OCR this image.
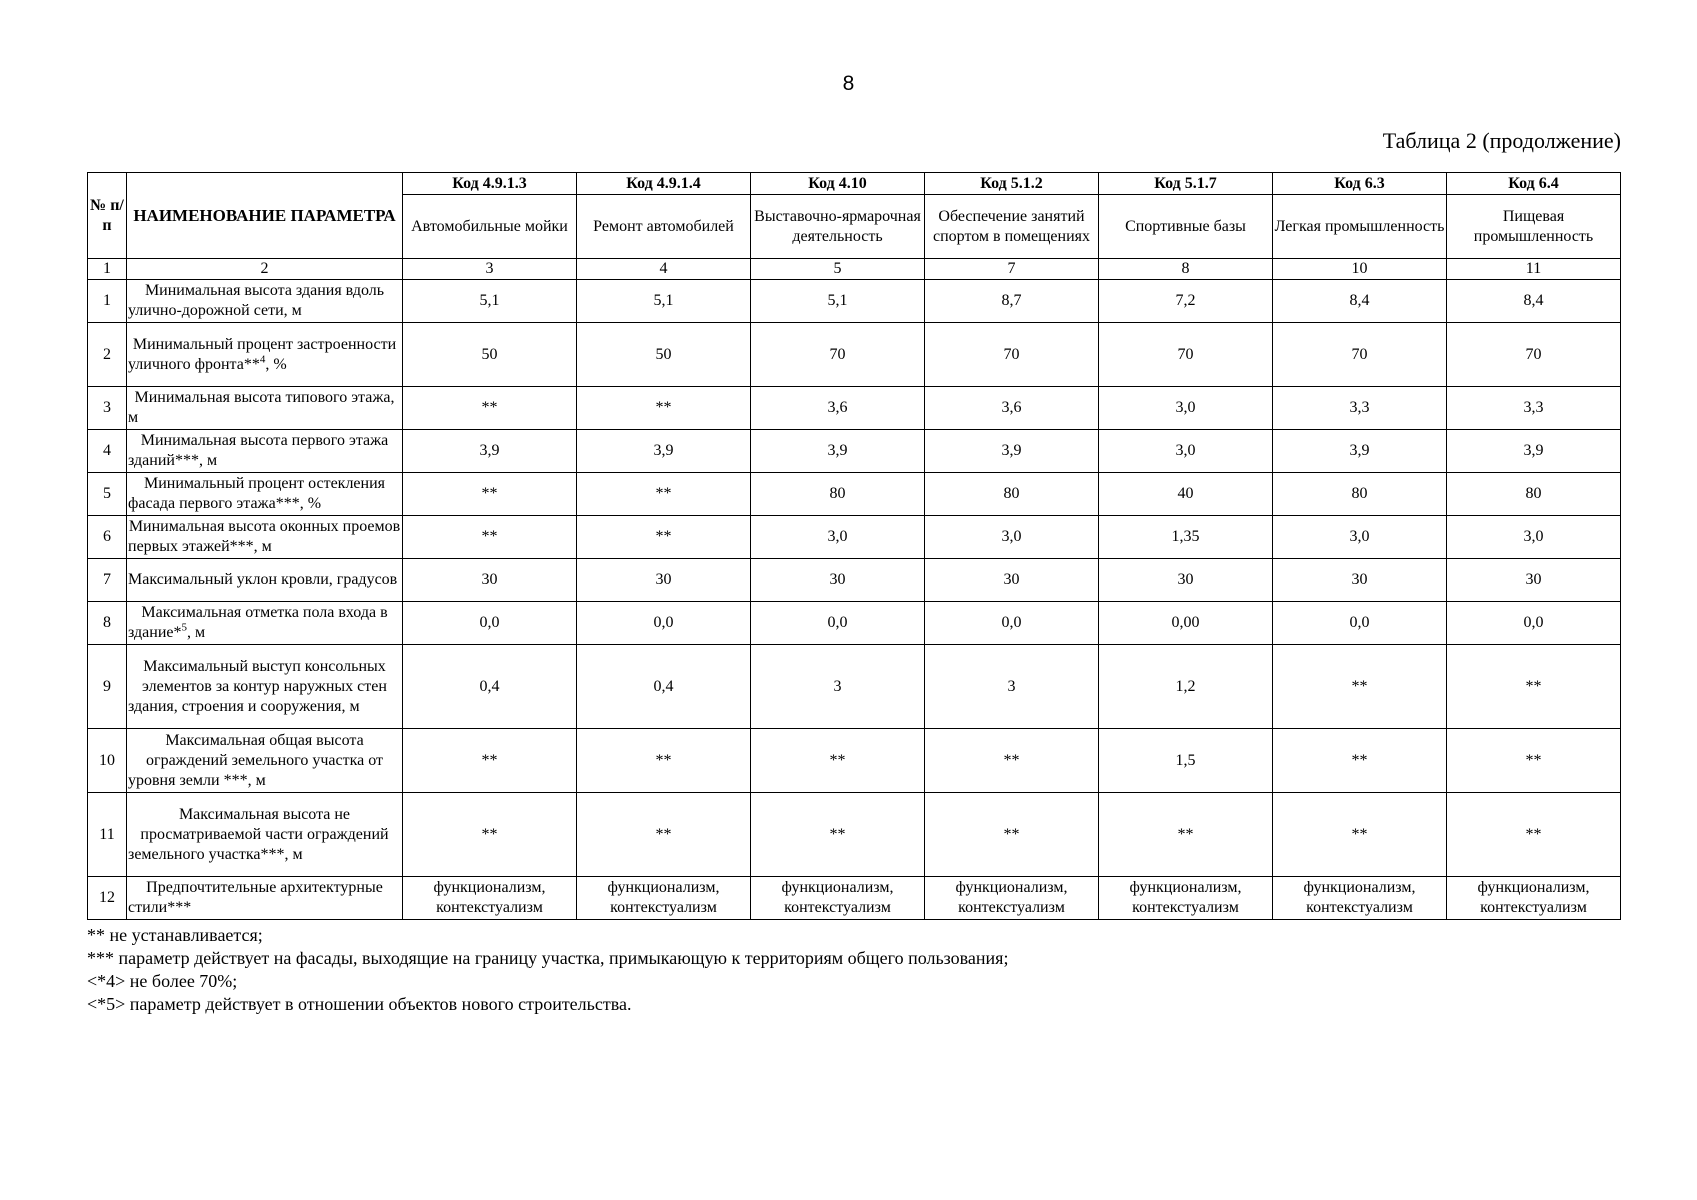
8
Таблица 2 (продолжение)
№ п/п	НАИМЕНОВАНИЕ ПАРАМЕТРА	Код 4.9.1.3	Код 4.9.1.4	Код 4.10	Код 5.1.2	Код 5.1.7	Код 6.3	Код 6.4
		Автомобильные мойки	Ремонт автомобилей	Выставочно-ярмарочная деятельность	Обеспечение занятий спортом в помещениях	Спортивные базы	Легкая промышленность	Пищевая промышленность
1	2	3	4	5	7	8	10	11
1	Минимальная высота здания вдоль улично-дорожной сети, м	5,1	5,1	5,1	8,7	7,2	8,4	8,4
2	Минимальный процент застроенности уличного фронта**$^4$, %	50	50	70	70	70	70	70
3	Минимальная высота типового этажа, м	**	**	3,6	3,6	3,0	3,3	3,3
4	Минимальная высота первого этажа зданий***, м	3,9	3,9	3,9	3,9	3,0	3,9	3,9
5	Минимальный процент остекления фасада первого этажа***, %	**	**	80	80	40	80	80
6	Минимальная высота оконных проемов первых этажей***, м	**	**	3,0	3,0	1,35	3,0	3,0
7	Максимальный уклон кровли, градусов	30	30	30	30	30	30	30
8	Максимальная отметка пола входа в здание*$^5$, м	0,0	0,0	0,0	0,0	0,00	0,0	0,0
9	Максимальный выступ консольных элементов за контур наружных стен здания, строения и сооружения, м	0,4	0,4	3	3	1,2	**	**
10	Максимальная общая высота ограждений земельного участка от уровня земли ***, м	**	**	**	**	1,5	**	**
11	Максимальная высота не просматриваемой части ограждений земельного участка***, м	**	**	**	**	**	**	**
12	Предпочтительные архитектурные стили***	функционализм, контекстуализм	функционализм, контекстуализм	функционализм, контекстуализм	функционализм, контекстуализм	функционализм, контекстуализм	функционализм, контекстуализм	функционализм, контекстуализм
** не устанавливается;
*** параметр действует на фасады, выходящие на границу участка, примыкающую к территориям общего пользования;
<*4> не более 70%;
<*5> параметр действует в отношении объектов нового строительства.
